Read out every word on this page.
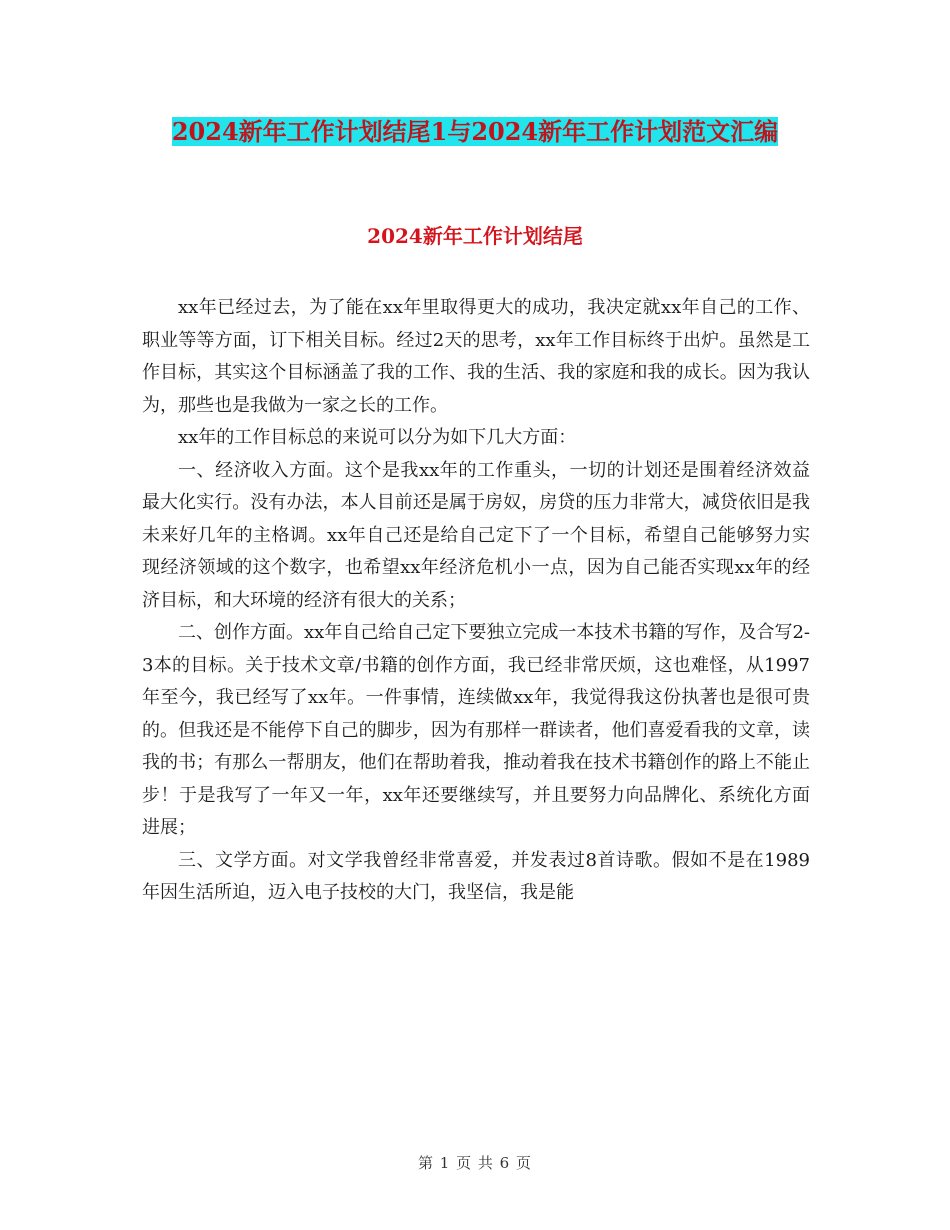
2024新年工作计划结尾1与2024新年工作计划范文汇编
2024新年工作计划结尾

xx年已经过去，为了能在xx年里取得更大的成功，我决定就xx年自己的工作、职业等等方面，订下相关目标。经过2天的思考，xx年工作目标终于出炉。虽然是工作目标，其实这个目标涵盖了我的工作、我的生活、我的家庭和我的成长。因为我认为，那些也是我做为一家之长的工作。

xx年的工作目标总的来说可以分为如下几大方面：

一、经济收入方面。这个是我xx年的工作重头，一切的计划还是围着经济效益最大化实行。没有办法，本人目前还是属于房奴，房贷的压力非常大，减贷依旧是我未来好几年的主格调。xx年自己还是给自己定下了一个目标，希望自己能够努力实现经济领域的这个数字，也希望xx年经济危机小一点，因为自己能否实现xx年的经济目标，和大环境的经济有很大的关系；

二、创作方面。xx年自己给自己定下要独立完成一本技术书籍的写作，及合写2-3本的目标。关于技术文章/书籍的创作方面，我已经非常厌烦，这也难怪，从1997年至今，我已经写了xx年。一件事情，连续做xx年，我觉得我这份执著也是很可贵的。但我还是不能停下自己的脚步，因为有那样一群读者，他们喜爱看我的文章，读我的书；有那么一帮朋友，他们在帮助着我，推动着我在技术书籍创作的路上不能止步！于是我写了一年又一年，xx年还要继续写，并且要努力向品牌化、系统化方面进展；

三、文学方面。对文学我曾经非常喜爱，并发表过8首诗歌。假如不是在1989年因生活所迫，迈入电子技校的大门，我坚信，我是能

第 1 页 共 6 页
